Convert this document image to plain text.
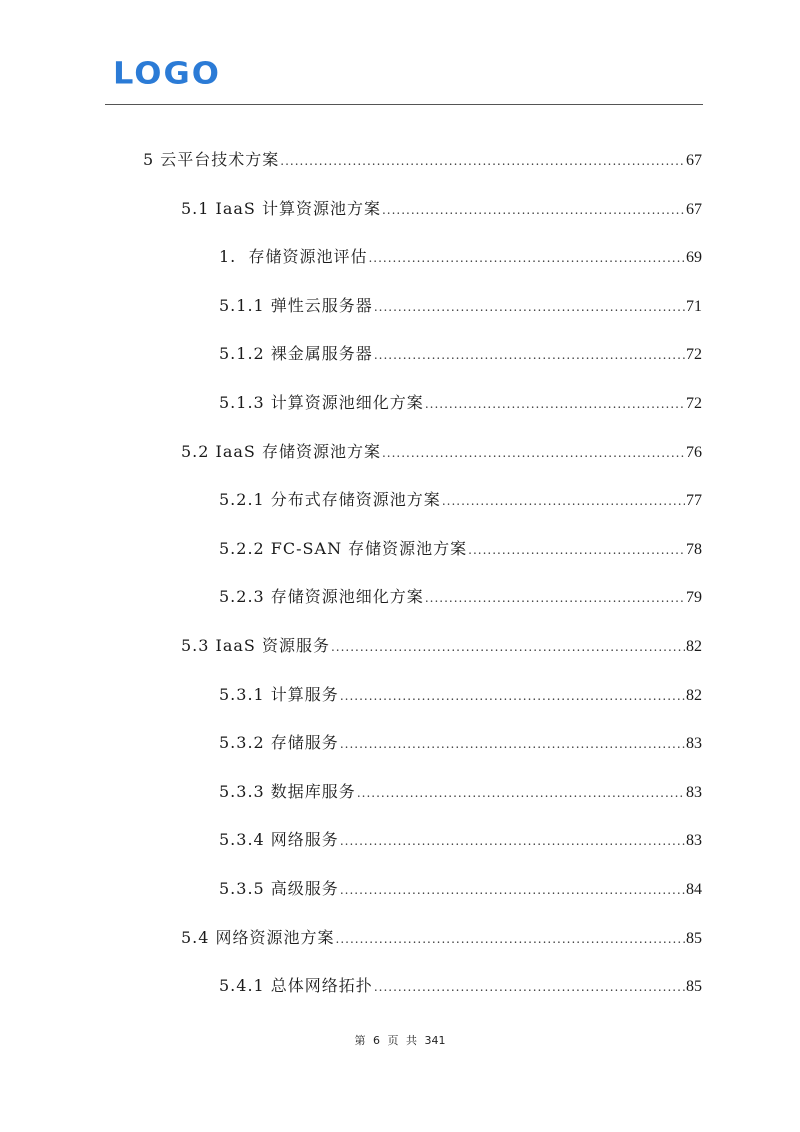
LOGO
5 云平台技术方案 .....	67
5.1 IaaS 计算资源池方案 .....	67
1. 存储资源池评估 .....	69
5.1.1 弹性云服务器 .....	71
5.1.2 裸金属服务器 .....	72
5.1.3 计算资源池细化方案 .....	72
5.2 IaaS 存储资源池方案 .....	76
5.2.1 分布式存储资源池方案 .....	77
5.2.2 FC-SAN 存储资源池方案 .....	78
5.2.3 存储资源池细化方案 .....	79
5.3 IaaS 资源服务 .....	82
5.3.1 计算服务 .....	82
5.3.2 存储服务 .....	83
5.3.3 数据库服务 .....	83
5.3.4 网络服务 .....	83
5.3.5 高级服务 .....	84
5.4 网络资源池方案 .....	85
5.4.1 总体网络拓扑 .....	85
第 6 页 共 341
